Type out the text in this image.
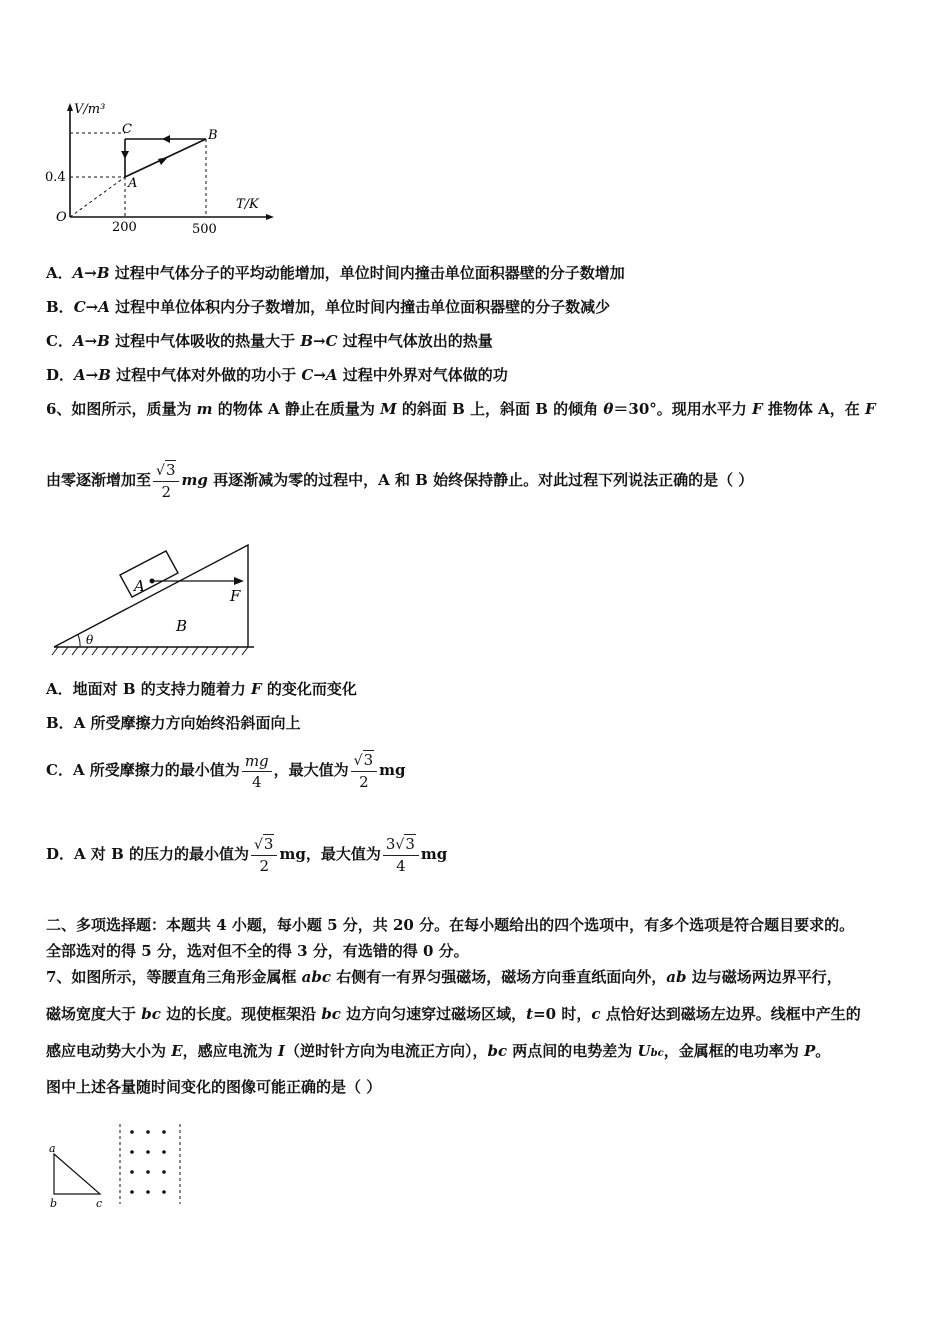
V/m³
T/K
O
0.4
200	500
A
B
C
A．A→B 过程中气体分子的平均动能增加，单位时间内撞击单位面积器壁的分子数增加
B．C→A 过程中单位体积内分子数增加，单位时间内撞击单位面积器壁的分子数减少
C．A→B 过程中气体吸收的热量大于 B→C 过程中气体放出的热量
D．A→B 过程中气体对外做的功小于 C→A 过程中外界对气体做的功
6、如图所示，质量为 m 的物体 A 静止在质量为 M 的斜面 B 上，斜面 B 的倾角 θ＝30°。现用水平力 F 推物体 A，在 F
由零逐渐增加至 $\frac{√3}{2}$ mg 再逐渐减为零的过程中，A 和 B 始终保持静止。对此过程下列说法正确的是（ ）
A
B
F
θ
A．地面对 B 的支持力随着力 F 的变化而变化
B．A 所受摩擦力方向始终沿斜面向上
C．A 所受摩擦力的最小值为 $\frac{mg}{4}$ ，最大值为 $\frac{√3}{2}$ mg
D．A 对 B 的压力的最小值为 $\frac{√3}{2}$ mg，最大值为 $\frac{3√3}{4}$ mg
二、多项选择题：本题共 4 小题，每小题 5 分，共 20 分。在每小题给出的四个选项中，有多个选项是符合题目要求的。
全部选对的得 5 分，选对但不全的得 3 分，有选错的得 0 分。
7、如图所示，等腰直角三角形金属框 abc 右侧有一有界匀强磁场，磁场方向垂直纸面向外，ab 边与磁场两边界平行，
磁场宽度大于 bc 边的长度。现使框架沿 bc 边方向匀速穿过磁场区域，t=0 时，c 点恰好达到磁场左边界。线框中产生的
感应电动势大小为 E，感应电流为 I（逆时针方向为电流正方向），bc 两点间的电势差为 Ubc，金属框的电功率为 P。
图中上述各量随时间变化的图像可能正确的是（ ）
a
b	c
